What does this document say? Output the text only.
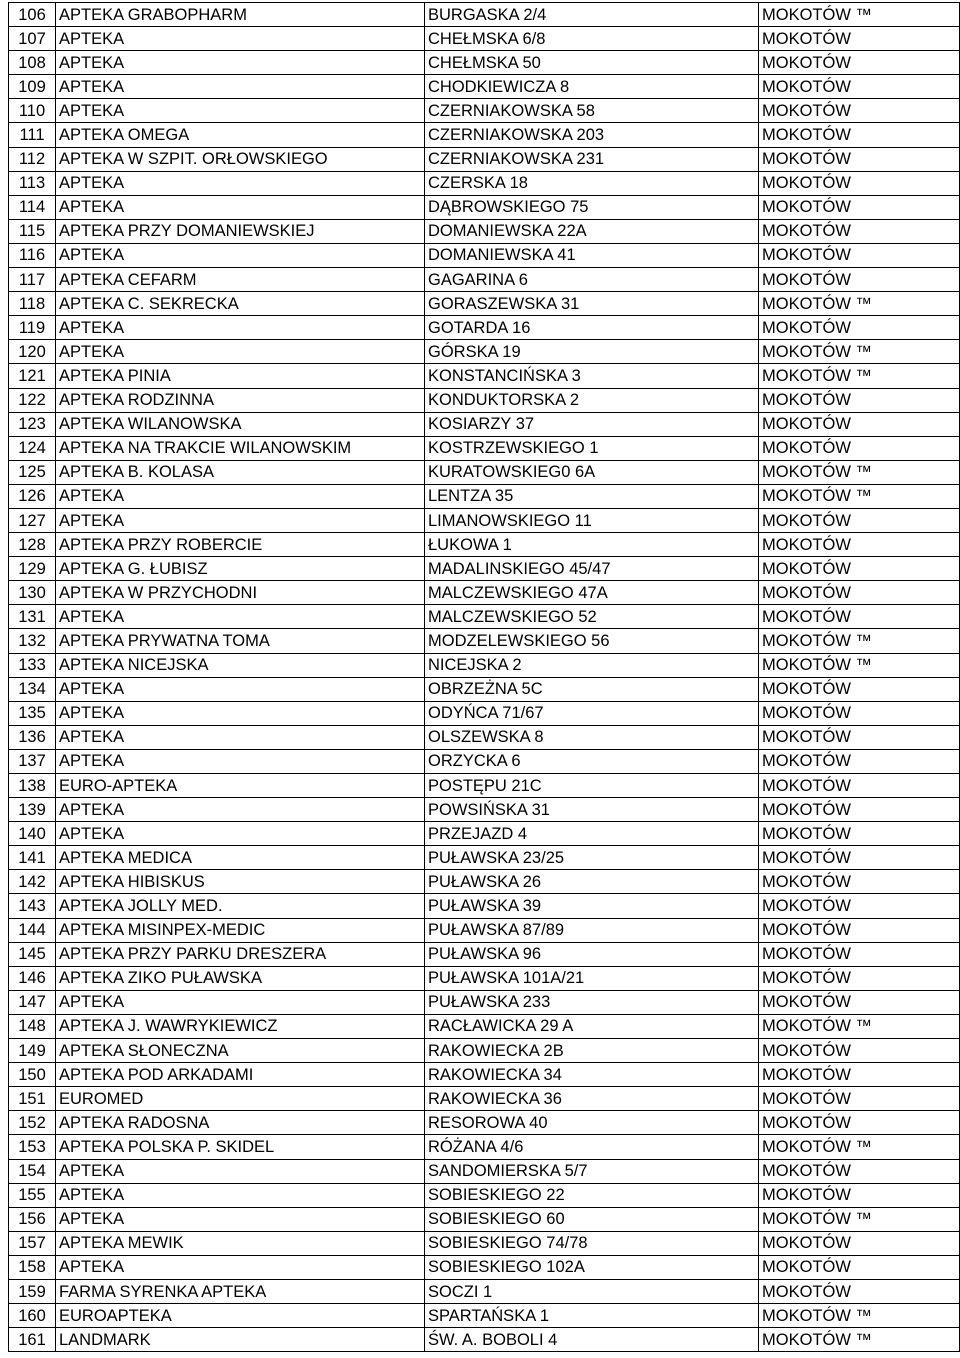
106	APTEKA GRABOPHARM	BURGASKA 2/4	MOKOTÓW ™
107	APTEKA	CHEŁMSKA 6/8	MOKOTÓW
108	APTEKA	CHEŁMSKA 50	MOKOTÓW
109	APTEKA	CHODKIEWICZA 8	MOKOTÓW
110	APTEKA	CZERNIAKOWSKA 58	MOKOTÓW
111	APTEKA OMEGA	CZERNIAKOWSKA 203	MOKOTÓW
112	APTEKA W SZPIT. ORŁOWSKIEGO	CZERNIAKOWSKA 231	MOKOTÓW
113	APTEKA	CZERSKA 18	MOKOTÓW
114	APTEKA	DĄBROWSKIEGO 75	MOKOTÓW
115	APTEKA PRZY DOMANIEWSKIEJ	DOMANIEWSKA 22A	MOKOTÓW
116	APTEKA	DOMANIEWSKA 41	MOKOTÓW
117	APTEKA CEFARM	GAGARINA 6	MOKOTÓW
118	APTEKA C. SEKRECKA	GORASZEWSKA 31	MOKOTÓW ™
119	APTEKA	GOTARDA 16	MOKOTÓW
120	APTEKA	GÓRSKA 19	MOKOTÓW ™
121	APTEKA PINIA	KONSTANCIŃSKA 3	MOKOTÓW ™
122	APTEKA RODZINNA	KONDUKTORSKA 2	MOKOTÓW
123	APTEKA WILANOWSKA	KOSIARZY 37	MOKOTÓW
124	APTEKA NA TRAKCIE WILANOWSKIM	KOSTRZEWSKIEGO 1	MOKOTÓW
125	APTEKA B. KOLASA	KURATOWSKIEG0 6A	MOKOTÓW ™
126	APTEKA	LENTZA 35	MOKOTÓW ™
127	APTEKA	LIMANOWSKIEGO 11	MOKOTÓW
128	APTEKA PRZY ROBERCIE	ŁUKOWA 1	MOKOTÓW
129	APTEKA G. ŁUBISZ	MADALINSKIEGO 45/47	MOKOTÓW
130	APTEKA W PRZYCHODNI	MALCZEWSKIEGO 47A	MOKOTÓW
131	APTEKA	MALCZEWSKIEGO 52	MOKOTÓW
132	APTEKA PRYWATNA TOMA	MODZELEWSKIEGO 56	MOKOTÓW ™
133	APTEKA NICEJSKA	NICEJSKA 2	MOKOTÓW ™
134	APTEKA	OBRZEŻNA 5C	MOKOTÓW
135	APTEKA	ODYŃCA 71/67	MOKOTÓW
136	APTEKA	OLSZEWSKA 8	MOKOTÓW
137	APTEKA	ORZYCKA 6	MOKOTÓW
138	EURO-APTEKA	POSTĘPU 21C	MOKOTÓW
139	APTEKA	POWSIŃSKA 31	MOKOTÓW
140	APTEKA	PRZEJAZD 4	MOKOTÓW
141	APTEKA MEDICA	PUŁAWSKA 23/25	MOKOTÓW
142	APTEKA HIBISKUS	PUŁAWSKA 26	MOKOTÓW
143	APTEKA JOLLY MED.	PUŁAWSKA 39	MOKOTÓW
144	APTEKA MISINPEX-MEDIC	PUŁAWSKA 87/89	MOKOTÓW
145	APTEKA PRZY PARKU DRESZERA	PUŁAWSKA 96	MOKOTÓW
146	APTEKA ZIKO PUŁAWSKA	PUŁAWSKA 101A/21	MOKOTÓW
147	APTEKA	PUŁAWSKA 233	MOKOTÓW
148	APTEKA J. WAWRYKIEWICZ	RACŁAWICKA 29 A	MOKOTÓW ™
149	APTEKA SŁONECZNA	RAKOWIECKA 2B	MOKOTÓW
150	APTEKA POD ARKADAMI	RAKOWIECKA 34	MOKOTÓW
151	EUROMED	RAKOWIECKA 36	MOKOTÓW
152	APTEKA RADOSNA	RESOROWA 40	MOKOTÓW
153	APTEKA POLSKA P. SKIDEL	RÓŻANA 4/6	MOKOTÓW ™
154	APTEKA	SANDOMIERSKA 5/7	MOKOTÓW
155	APTEKA	SOBIESKIEGO 22	MOKOTÓW
156	APTEKA	SOBIESKIEGO 60	MOKOTÓW ™
157	APTEKA MEWIK	SOBIESKIEGO 74/78	MOKOTÓW
158	APTEKA	SOBIESKIEGO 102A	MOKOTÓW
159	FARMA SYRENKA APTEKA	SOCZI 1	MOKOTÓW
160	EUROAPTEKA	SPARTAŃSKA 1	MOKOTÓW ™
161	LANDMARK	ŚW. A. BOBOLI 4	MOKOTÓW ™
